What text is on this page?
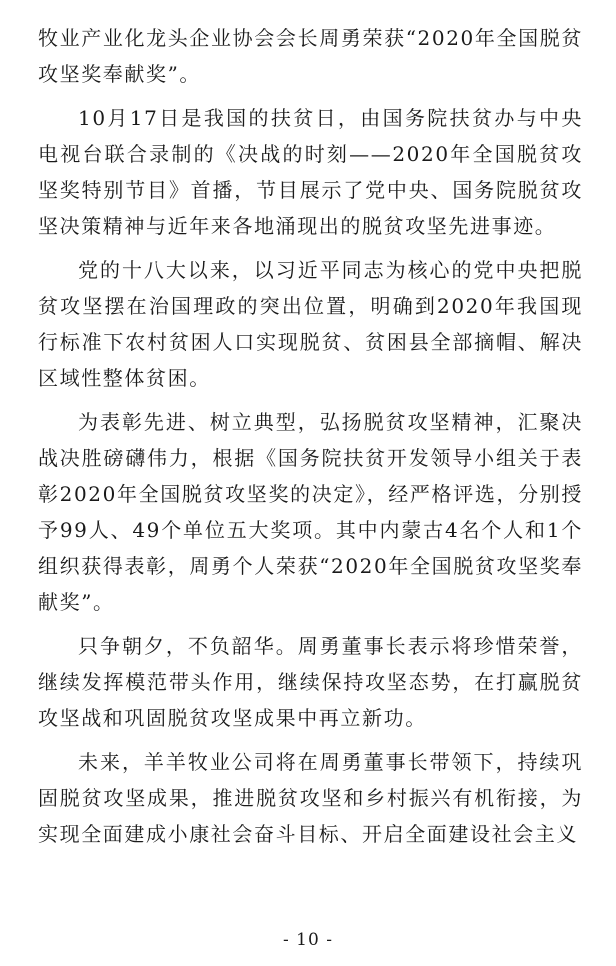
牧业产业化龙头企业协会会长周勇荣获“2020年全国脱贫攻坚奖奉献奖”。

10月17日是我国的扶贫日，由国务院扶贫办与中央电视台联合录制的《决战的时刻——2020年全国脱贫攻坚奖特别节目》首播，节目展示了党中央、国务院脱贫攻坚决策精神与近年来各地涌现出的脱贫攻坚先进事迹。

党的十八大以来，以习近平同志为核心的党中央把脱贫攻坚摆在治国理政的突出位置，明确到2020年我国现行标准下农村贫困人口实现脱贫、贫困县全部摘帽、解决区域性整体贫困。

为表彰先进、树立典型，弘扬脱贫攻坚精神，汇聚决战决胜磅礴伟力，根据《国务院扶贫开发领导小组关于表彰2020年全国脱贫攻坚奖的决定》，经严格评选，分别授予99人、49个单位五大奖项。其中内蒙古4名个人和1个组织获得表彰，周勇个人荣获“2020年全国脱贫攻坚奖奉献奖”。

只争朝夕，不负韶华。周勇董事长表示将珍惜荣誉，继续发挥模范带头作用，继续保持攻坚态势，在打赢脱贫攻坚战和巩固脱贫攻坚成果中再立新功。

未来，羊羊牧业公司将在周勇董事长带领下，持续巩固脱贫攻坚成果，推进脱贫攻坚和乡村振兴有机衔接，为实现全面建成小康社会奋斗目标、开启全面建设社会主义

- 10 -
